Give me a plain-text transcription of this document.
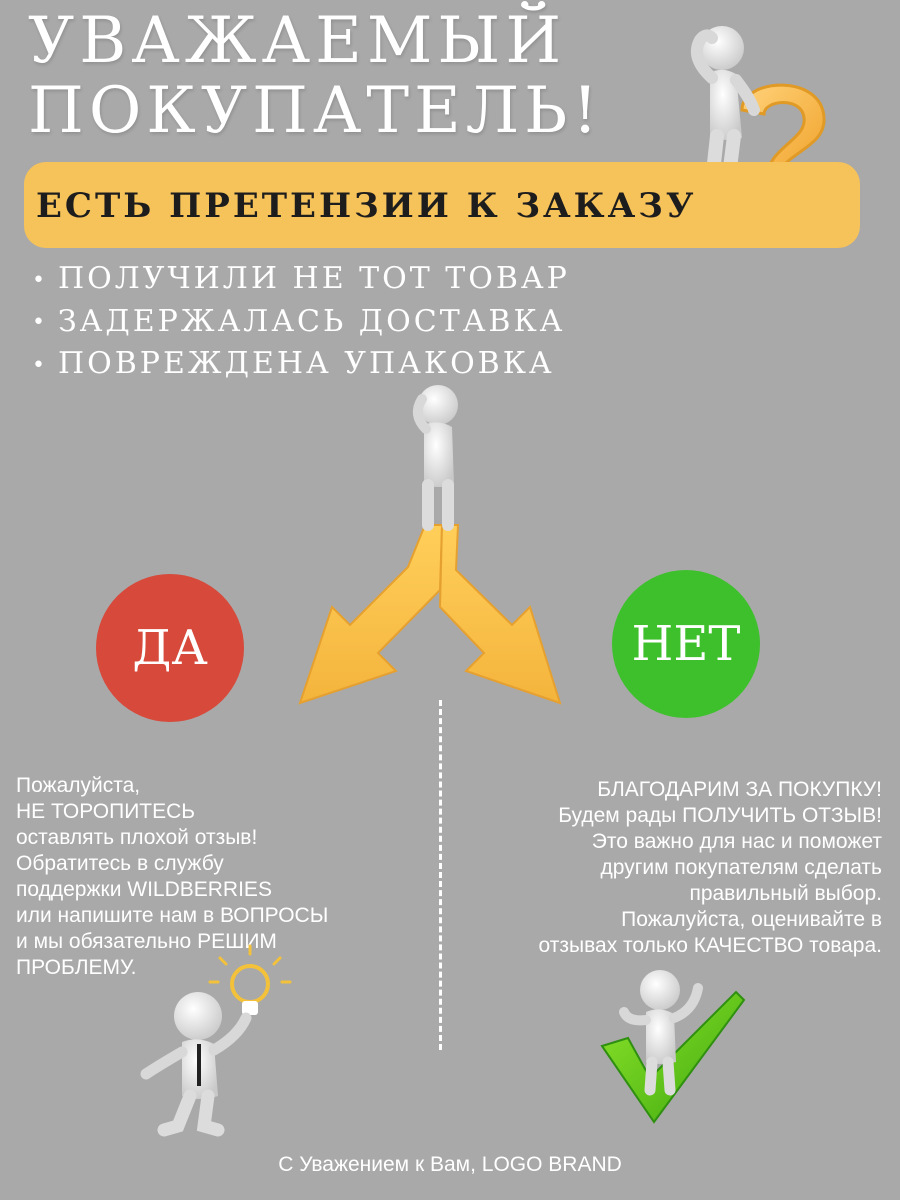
УВАЖАЕМЫЙ
ПОКУПАТЕЛЬ!
ЕСТЬ ПРЕТЕНЗИИ К ЗАКАЗУ
• ПОЛУЧИЛИ НЕ ТОТ ТОВАР
• ЗАДЕРЖАЛАСЬ ДОСТАВКА
• ПОВРЕЖДЕНА УПАКОВКА
ДА	НЕТ
Пожалуйста,
НЕ ТОРОПИТЕСЬ
оставлять плохой отзыв!
Обратитесь в службу
поддержки WILDBERRIES
или напишите нам в ВОПРОСЫ
и мы обязательно РЕШИМ
ПРОБЛЕМУ.
БЛАГОДАРИМ ЗА ПОКУПКУ!
Будем рады ПОЛУЧИТЬ ОТЗЫВ!
Это важно для нас и поможет
другим покупателям сделать
правильный выбор.
Пожалуйста, оценивайте в
отзывах только КАЧЕСТВО товара.
С Уважением к Вам, LOGO BRAND
